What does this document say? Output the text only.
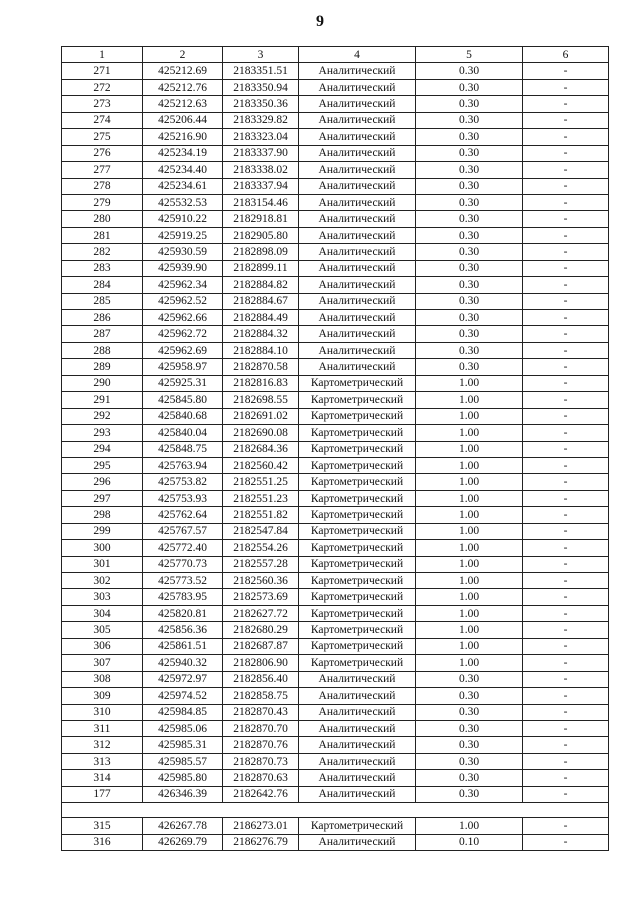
9
1	2	3	4	5	6
271	425212.69	2183351.51	Аналитический	0.30	-
272	425212.76	2183350.94	Аналитический	0.30	-
273	425212.63	2183350.36	Аналитический	0.30	-
274	425206.44	2183329.82	Аналитический	0.30	-
275	425216.90	2183323.04	Аналитический	0.30	-
276	425234.19	2183337.90	Аналитический	0.30	-
277	425234.40	2183338.02	Аналитический	0.30	-
278	425234.61	2183337.94	Аналитический	0.30	-
279	425532.53	2183154.46	Аналитический	0.30	-
280	425910.22	2182918.81	Аналитический	0.30	-
281	425919.25	2182905.80	Аналитический	0.30	-
282	425930.59	2182898.09	Аналитический	0.30	-
283	425939.90	2182899.11	Аналитический	0.30	-
284	425962.34	2182884.82	Аналитический	0.30	-
285	425962.52	2182884.67	Аналитический	0.30	-
286	425962.66	2182884.49	Аналитический	0.30	-
287	425962.72	2182884.32	Аналитический	0.30	-
288	425962.69	2182884.10	Аналитический	0.30	-
289	425958.97	2182870.58	Аналитический	0.30	-
290	425925.31	2182816.83	Картометрический	1.00	-
291	425845.80	2182698.55	Картометрический	1.00	-
292	425840.68	2182691.02	Картометрический	1.00	-
293	425840.04	2182690.08	Картометрический	1.00	-
294	425848.75	2182684.36	Картометрический	1.00	-
295	425763.94	2182560.42	Картометрический	1.00	-
296	425753.82	2182551.25	Картометрический	1.00	-
297	425753.93	2182551.23	Картометрический	1.00	-
298	425762.64	2182551.82	Картометрический	1.00	-
299	425767.57	2182547.84	Картометрический	1.00	-
300	425772.40	2182554.26	Картометрический	1.00	-
301	425770.73	2182557.28	Картометрический	1.00	-
302	425773.52	2182560.36	Картометрический	1.00	-
303	425783.95	2182573.69	Картометрический	1.00	-
304	425820.81	2182627.72	Картометрический	1.00	-
305	425856.36	2182680.29	Картометрический	1.00	-
306	425861.51	2182687.87	Картометрический	1.00	-
307	425940.32	2182806.90	Картометрический	1.00	-
308	425972.97	2182856.40	Аналитический	0.30	-
309	425974.52	2182858.75	Аналитический	0.30	-
310	425984.85	2182870.43	Аналитический	0.30	-
311	425985.06	2182870.70	Аналитический	0.30	-
312	425985.31	2182870.76	Аналитический	0.30	-
313	425985.57	2182870.73	Аналитический	0.30	-
314	425985.80	2182870.63	Аналитический	0.30	-
177	426346.39	2182642.76	Аналитический	0.30	-

315	426267.78	2186273.01	Картометрический	1.00	-
316	426269.79	2186276.79	Аналитический	0.10	-
